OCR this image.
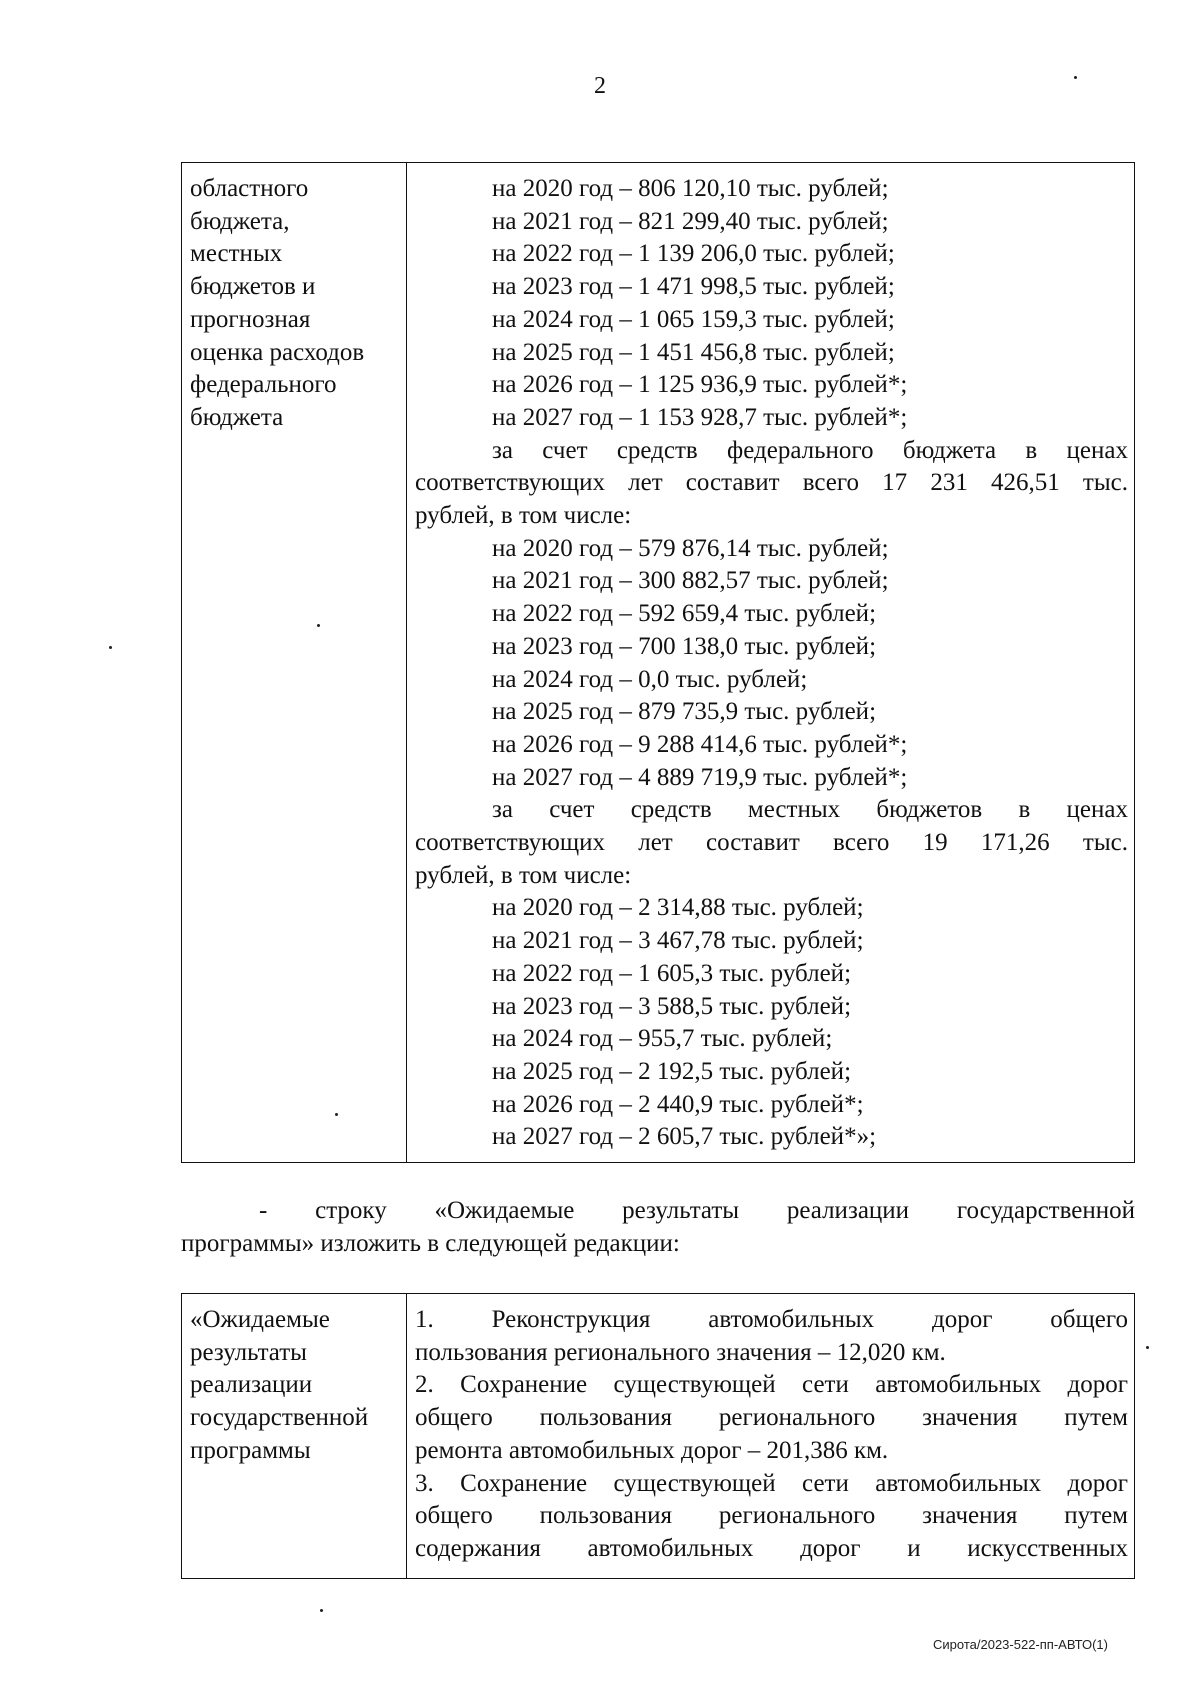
2
областного
бюджета,
местных
бюджетов и
прогнозная
оценка расходов
федерального
бюджета

на 2020 год – 806 120,10 тыс. рублей;
на 2021 год – 821 299,40 тыс. рублей;
на 2022 год – 1 139 206,0 тыс. рублей;
на 2023 год – 1 471 998,5 тыс. рублей;
на 2024 год – 1 065 159,3 тыс. рублей;
на 2025 год – 1 451 456,8 тыс. рублей;
на 2026 год – 1 125 936,9 тыс. рублей*;
на 2027 год – 1 153 928,7 тыс. рублей*;
за счет средств федерального бюджета в ценах
соответствующих лет составит всего 17 231 426,51 тыс.
рублей, в том числе:
на 2020 год – 579 876,14 тыс. рублей;
на 2021 год – 300 882,57 тыс. рублей;
на 2022 год – 592 659,4 тыс. рублей;
на 2023 год – 700 138,0 тыс. рублей;
на 2024 год – 0,0 тыс. рублей;
на 2025 год – 879 735,9 тыс. рублей;
на 2026 год – 9 288 414,6 тыс. рублей*;
на 2027 год – 4 889 719,9 тыс. рублей*;
за счет средств местных бюджетов в ценах
соответствующих лет составит всего 19 171,26 тыс.
рублей, в том числе:
на 2020 год – 2 314,88 тыс. рублей;
на 2021 год – 3 467,78 тыс. рублей;
на 2022 год – 1 605,3 тыс. рублей;
на 2023 год – 3 588,5 тыс. рублей;
на 2024 год – 955,7 тыс. рублей;
на 2025 год – 2 192,5 тыс. рублей;
на 2026 год – 2 440,9 тыс. рублей*;
на 2027 год – 2 605,7 тыс. рублей*»;
- строку «Ожидаемые результаты реализации государственной
программы» изложить в следующей редакции:
«Ожидаемые
результаты
реализации
государственной
программы

1. Реконструкция автомобильных дорог общего
пользования регионального значения – 12,020 км.
2. Сохранение существующей сети автомобильных дорог
общего пользования регионального значения путем
ремонта автомобильных дорог – 201,386 км.
3. Сохранение существующей сети автомобильных дорог
общего пользования регионального значения путем
содержания автомобильных дорог и искусственных
Сирота/2023-522-пп-АВТО(1)
